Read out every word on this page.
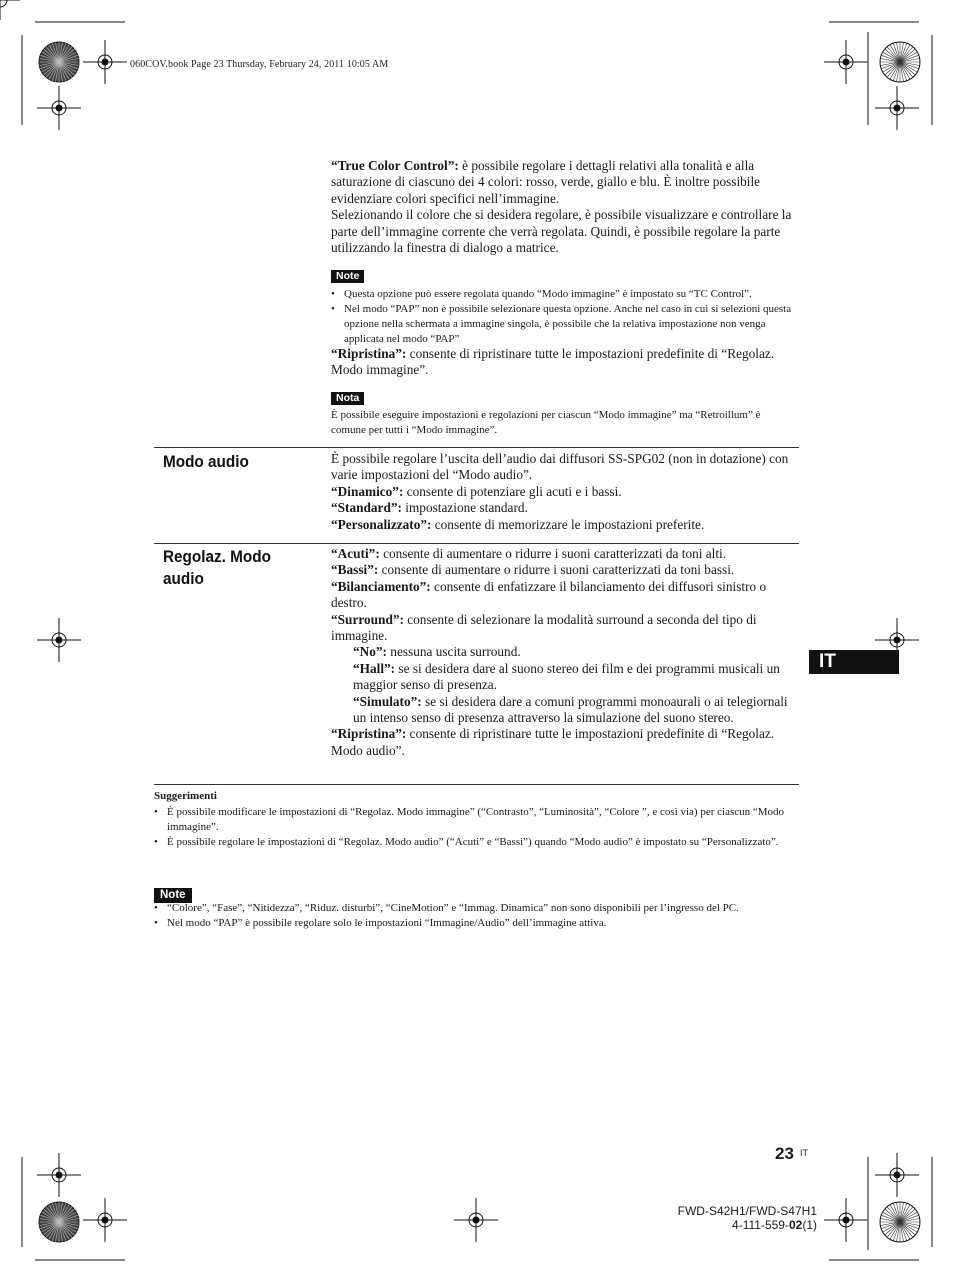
060COV.book Page 23 Thursday, February 24, 2011 10:05 AM
“True Color Control”: è possibile regolare i dettagli relativi alla tonalità e alla saturazione di ciascuno dei 4 colori: rosso, verde, giallo e blu. È inoltre possibile evidenziare colori specifici nell’immagine.
Selezionando il colore che si desidera regolare, è possibile visualizzare e controllare la parte dell’immagine corrente che verrà regolata. Quindi, è possibile regolare la parte utilizzando la finestra di dialogo a matrice.
Note
• Questa opzione può essere regolata quando “Modo immagine” è impostato su “TC Control”.
• Nel modo “PAP” non è possibile selezionare questa opzione. Anche nel caso in cui si selezioni questa opzione nella schermata a immagine singola, è possibile che la relativa impostazione non venga applicata nel modo “PAP”
“Ripristina”: consente di ripristinare tutte le impostazioni predefinite di “Regolaz. Modo immagine”.
Nota
È possibile eseguire impostazioni e regolazioni per ciascun “Modo immagine” ma “Retroillum” è comune per tutti i “Modo immagine”.
Modo audio	È possibile regolare l’uscita dell’audio dai diffusori SS-SPG02 (non in dotazione) con varie impostazioni del “Modo audio”.
“Dinamico”: consente di potenziare gli acuti e i bassi.
“Standard”: impostazione standard.
“Personalizzato”: consente di memorizzare le impostazioni preferite.
Regolaz. Modo audio
“Acuti”: consente di aumentare o ridurre i suoni caratterizzati da toni alti.
“Bassi”: consente di aumentare o ridurre i suoni caratterizzati da toni bassi.
“Bilanciamento”: consente di enfatizzare il bilanciamento dei diffusori sinistro o destro.
“Surround”: consente di selezionare la modalità surround a seconda del tipo di immagine.
“No”: nessuna uscita surround.
“Hall”: se si desidera dare al suono stereo dei film e dei programmi musicali un maggior senso di presenza.
“Simulato”: se si desidera dare a comuni programmi monoaurali o ai telegiornali un intenso senso di presenza attraverso la simulazione del suono stereo.
“Ripristina”: consente di ripristinare tutte le impostazioni predefinite di “Regolaz. Modo audio”.
Suggerimenti
• È possibile modificare le impostazioni di “Regolaz. Modo immagine” (“Contrasto”, “Luminosità”, “Colore ”, e così via) per ciascun “Modo immagine”.
• È possibile regolare le impostazioni di “Regolaz. Modo audio” (“Acuti” e “Bassi”) quando “Modo audio” è impostato su “Personalizzato”.
Note
• “Colore”, “Fase”, “Nitidezza”, “Riduz. disturbi”, “CineMotion” e “Immag. Dinamica” non sono disponibili per l’ingresso del PC.
• Nel modo “PAP” è possibile regolare solo le impostazioni “Immagine/Audio” dell’immagine attiva.
IT
23 IT
FWD-S42H1/FWD-S47H1
4-111-559-02(1)
